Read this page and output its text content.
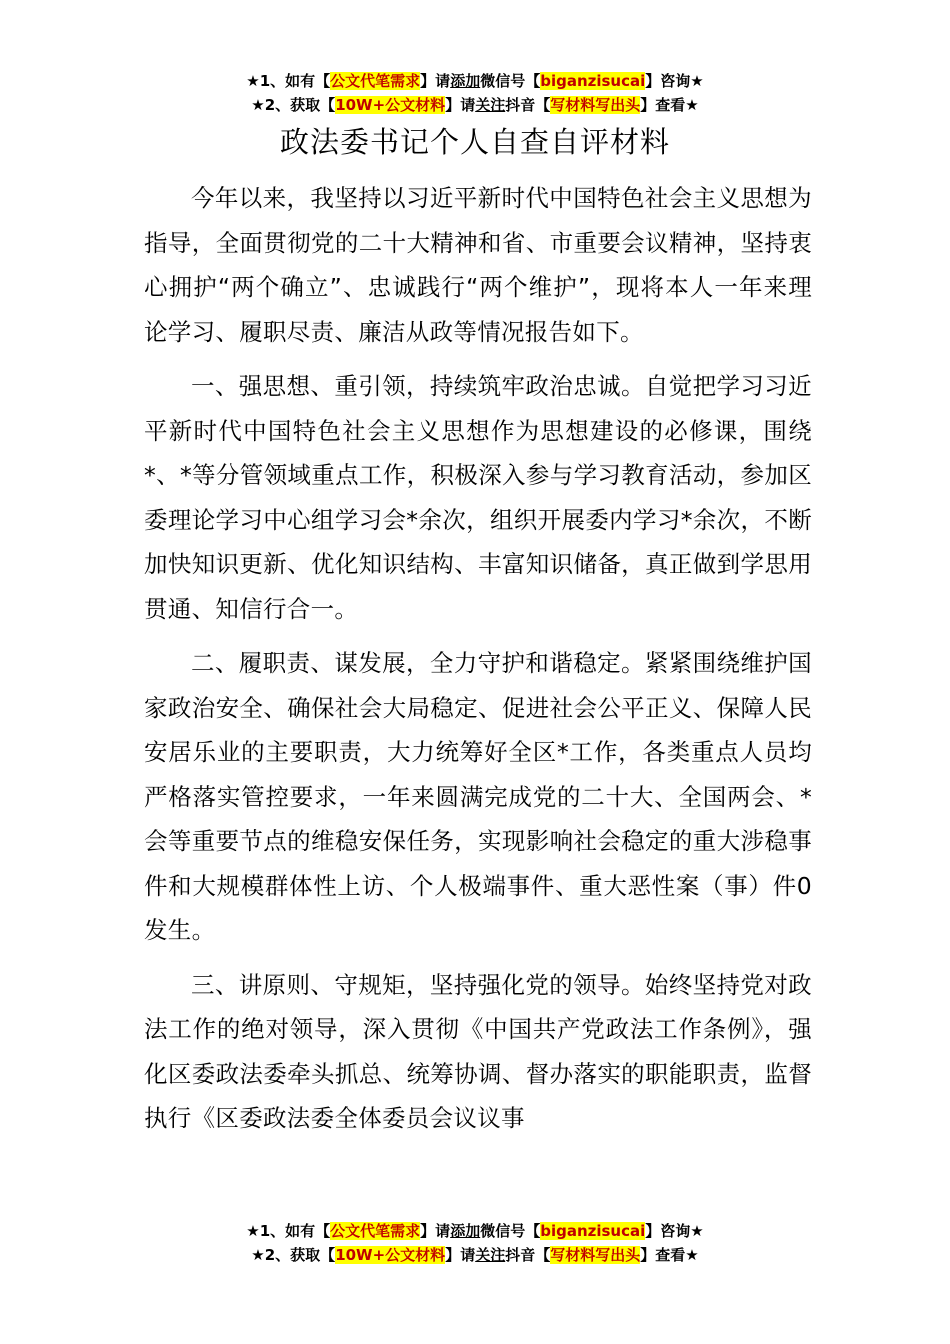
★1、如有【公文代笔需求】请添加微信号【biganzisucai】咨询★
★2、获取【10W+公文材料】请关注抖音【写材料写出头】查看★
政法委书记个人自查自评材料

今年以来，我坚持以习近平新时代中国特色社会主义思想为指导，全面贯彻党的二十大精神和省、市重要会议精神，坚持衷心拥护“两个确立”、忠诚践行“两个维护”，现将本人一年来理论学习、履职尽责、廉洁从政等情况报告如下。

一、强思想、重引领，持续筑牢政治忠诚。自觉把学习习近平新时代中国特色社会主义思想作为思想建设的必修课，围绕*、*等分管领域重点工作，积极深入参与学习教育活动，参加区委理论学习中心组学习会*余次，组织开展委内学习*余次，不断加快知识更新、优化知识结构、丰富知识储备，真正做到学思用贯通、知信行合一。

二、履职责、谋发展，全力守护和谐稳定。紧紧围绕维护国家政治安全、确保社会大局稳定、促进社会公平正义、保障人民安居乐业的主要职责，大力统筹好全区*工作，各类重点人员均严格落实管控要求，一年来圆满完成党的二十大、全国两会、*会等重要节点的维稳安保任务，实现影响社会稳定的重大涉稳事件和大规模群体性上访、个人极端事件、重大恶性案（事）件0发生。

三、讲原则、守规矩，坚持强化党的领导。始终坚持党对政法工作的绝对领导，深入贯彻《中国共产党政法工作条例》，强化区委政法委牵头抓总、统筹协调、督办落实的职能职责，监督执行《区委政法委全体委员会议议事

★1、如有【公文代笔需求】请添加微信号【biganzisucai】咨询★
★2、获取【10W+公文材料】请关注抖音【写材料写出头】查看★
